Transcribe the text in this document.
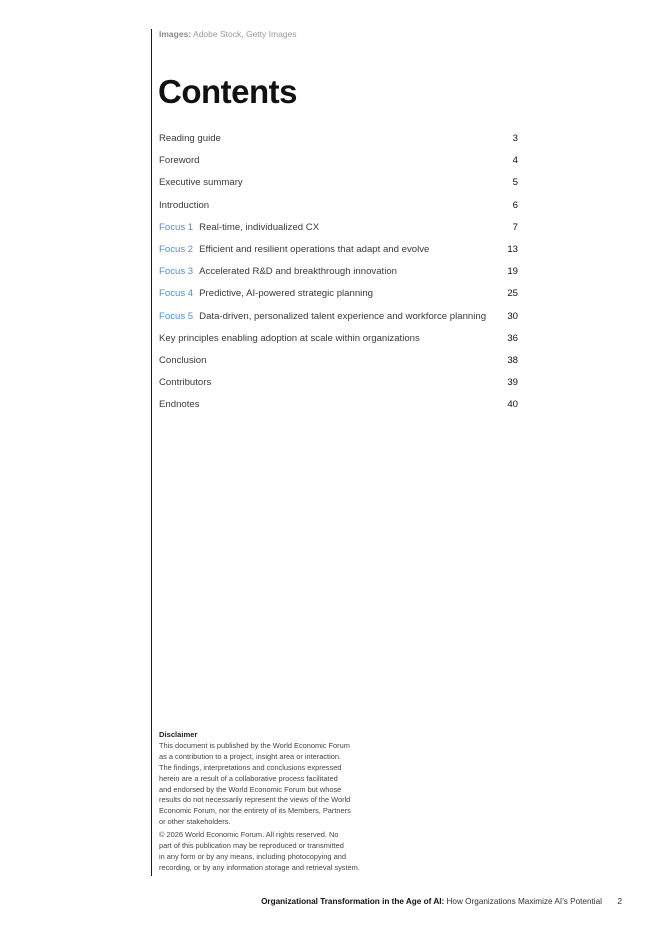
Images: Adobe Stock, Getty Images
Contents
Reading guide	3
Foreword	4
Executive summary	5
Introduction	6
Focus 1 Real-time, individualized CX	7
Focus 2 Efficient and resilient operations that adapt and evolve	13
Focus 3 Accelerated R&D and breakthrough innovation	19
Focus 4 Predictive, AI-powered strategic planning	25
Focus 5 Data-driven, personalized talent experience and workforce planning	30
Key principles enabling adoption at scale within organizations	36
Conclusion	38
Contributors	39
Endnotes	40
Disclaimer

This document is published by the World Economic Forum
as a contribution to a project, insight area or interaction.
The findings, interpretations and conclusions expressed
herein are a result of a collaborative process facilitated
and endorsed by the World Economic Forum but whose
results do not necessarily represent the views of the World
Economic Forum, nor the entirety of its Members, Partners
or other stakeholders.

© 2026 World Economic Forum. All rights reserved. No
part of this publication may be reproduced or transmitted
in any form or by any means, including photocopying and
recording, or by any information storage and retrieval system.

Organizational Transformation in the Age of AI: How Organizations Maximize AI’s Potential	2
